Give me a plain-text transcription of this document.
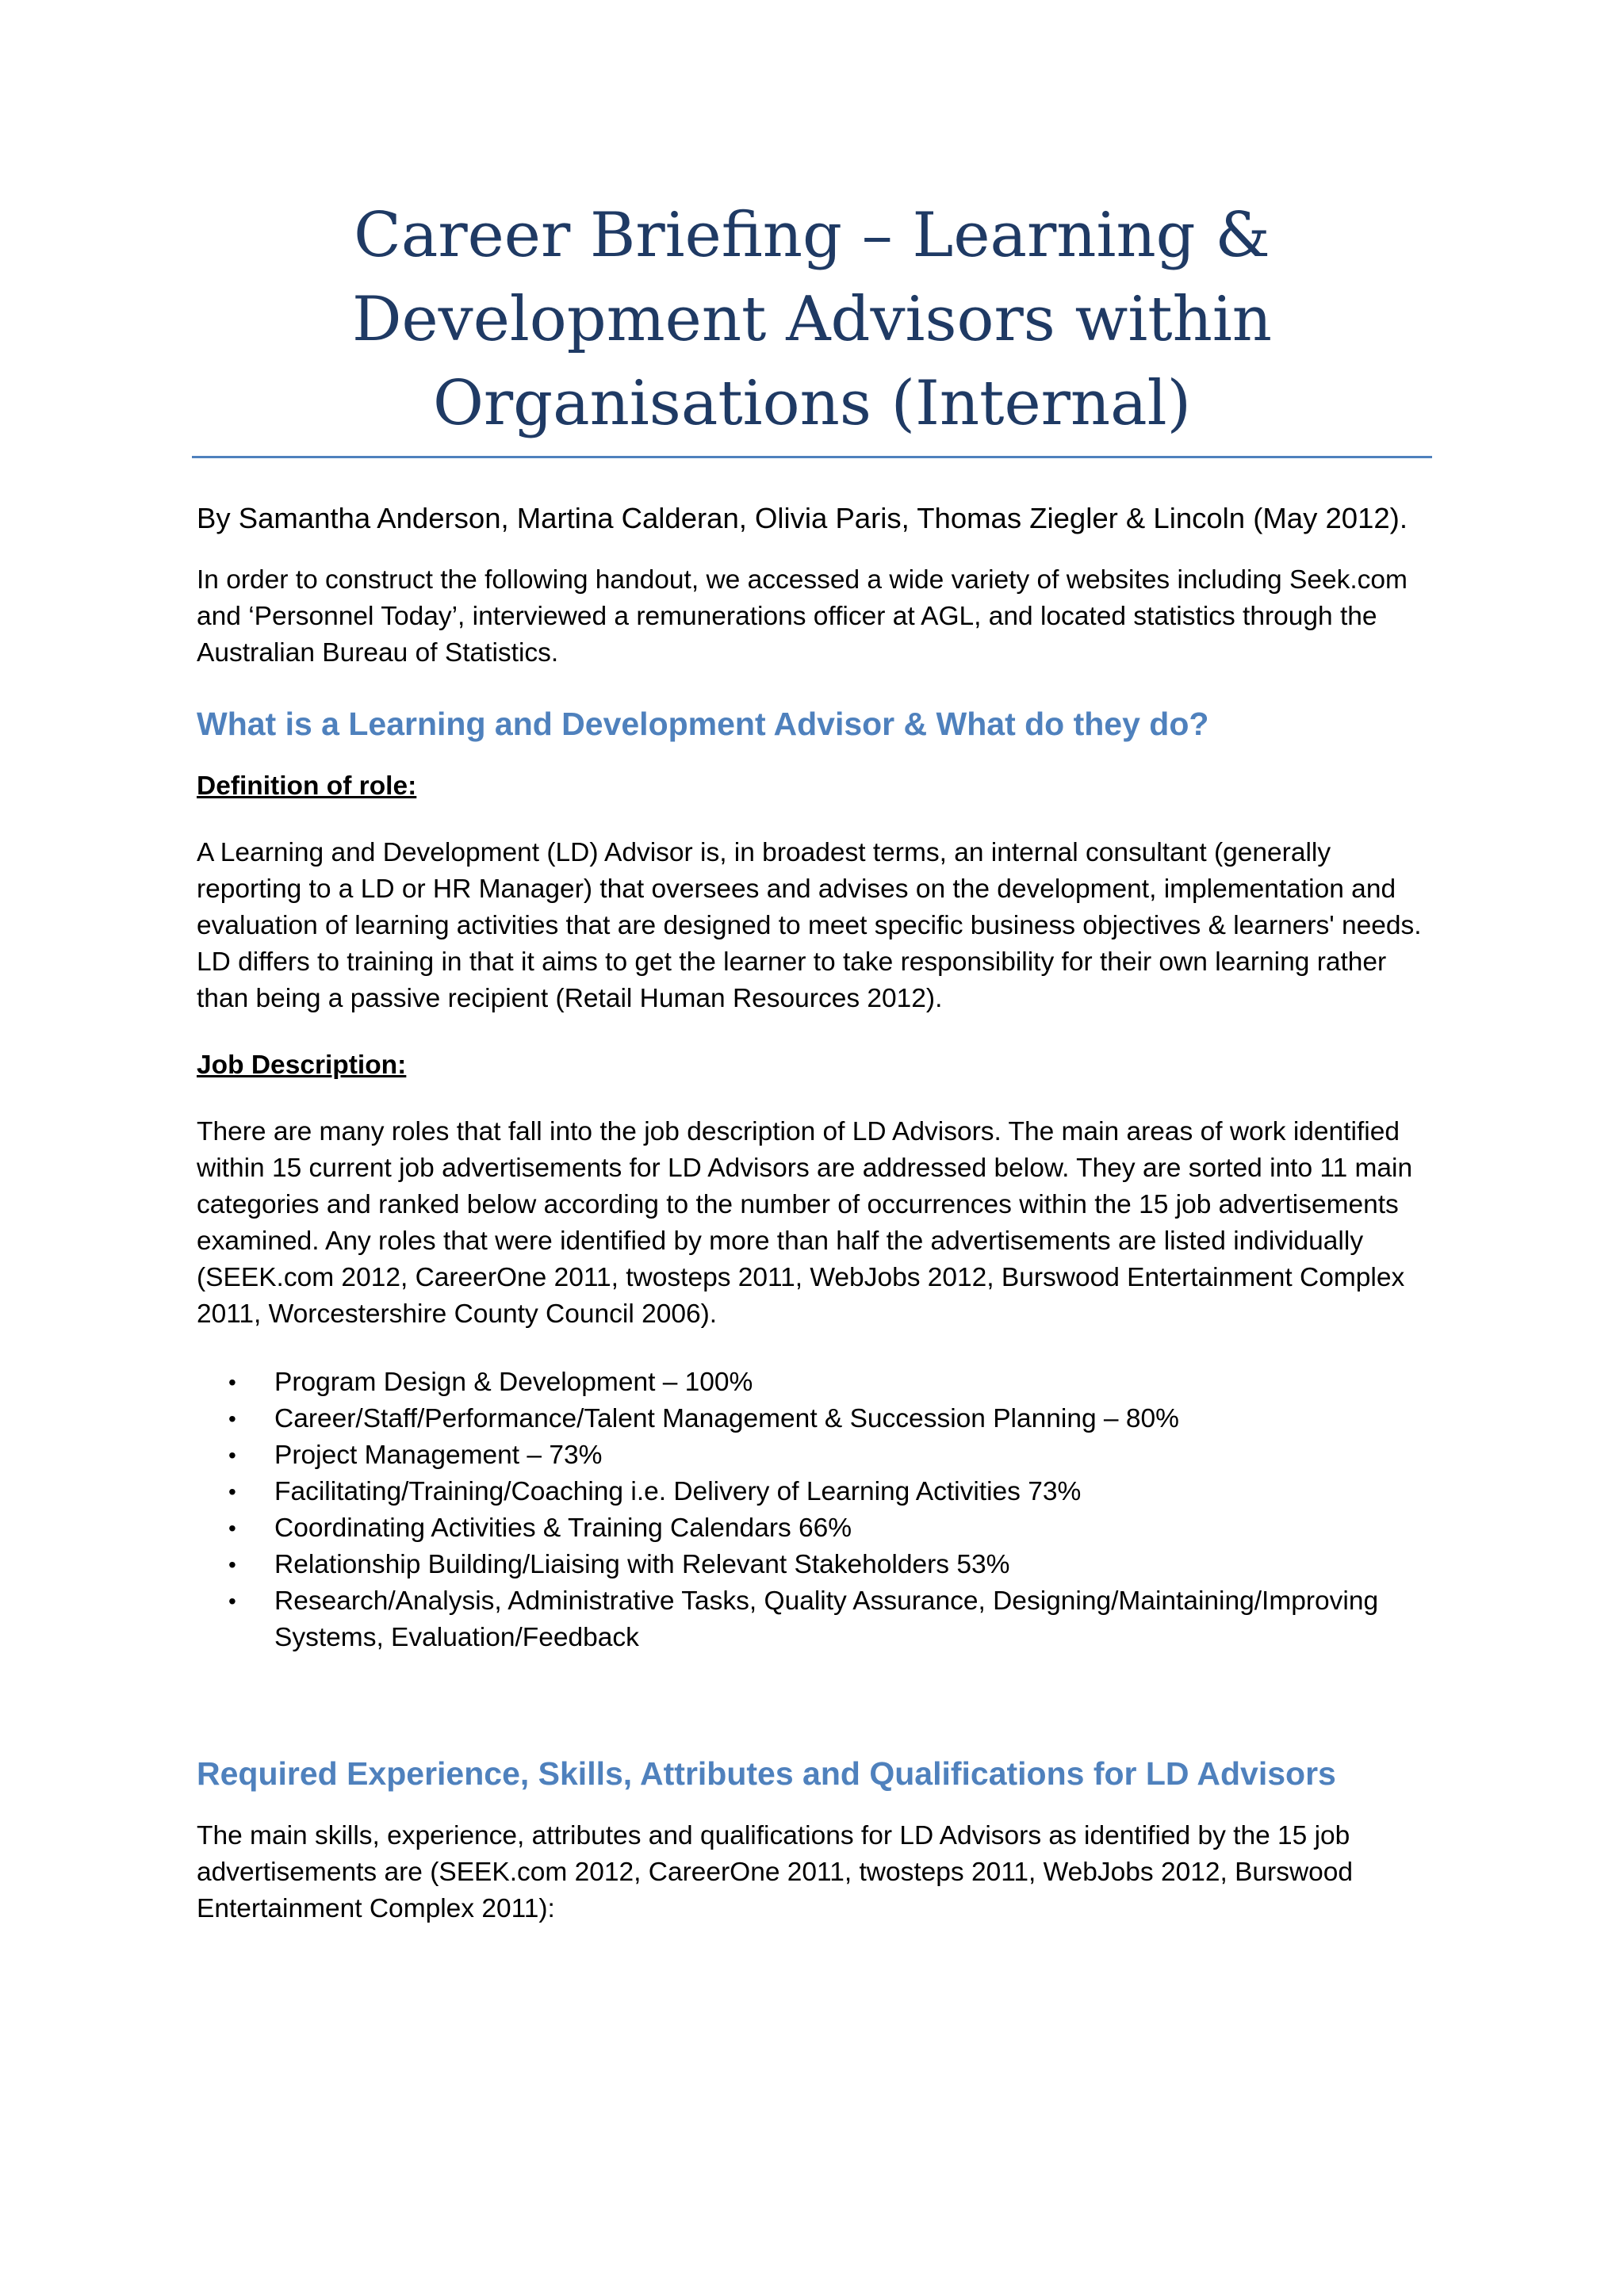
Career Briefing – Learning & Development Advisors within Organisations (Internal)

By Samantha Anderson, Martina Calderan, Olivia Paris, Thomas Ziegler & Lincoln (May 2012).

In order to construct the following handout, we accessed a wide variety of websites including Seek.com and ‘Personnel Today’, interviewed a remunerations officer at AGL, and located statistics through the Australian Bureau of Statistics.

What is a Learning and Development Advisor & What do they do?

Definition of role:

A Learning and Development (LD) Advisor is, in broadest terms, an internal consultant (generally reporting to a LD or HR Manager) that oversees and advises on the development, implementation and evaluation of learning activities that are designed to meet specific business objectives & learners' needs. LD differs to training in that it aims to get the learner to take responsibility for their own learning rather than being a passive recipient (Retail Human Resources 2012).

Job Description:

There are many roles that fall into the job description of LD Advisors. The main areas of work identified within 15 current job advertisements for LD Advisors are addressed below. They are sorted into 11 main categories and ranked below according to the number of occurrences within the 15 job advertisements examined. Any roles that were identified by more than half the advertisements are listed individually (SEEK.com 2012, CareerOne 2011, twosteps 2011, WebJobs 2012, Burswood Entertainment Complex 2011, Worcestershire County Council 2006).

• Program Design & Development – 100%
• Career/Staff/Performance/Talent Management & Succession Planning – 80%
• Project Management – 73%
• Facilitating/Training/Coaching i.e. Delivery of Learning Activities 73%
• Coordinating Activities & Training Calendars 66%
• Relationship Building/Liaising with Relevant Stakeholders 53%
• Research/Analysis, Administrative Tasks, Quality Assurance, Designing/Maintaining/Improving Systems, Evaluation/Feedback
Required Experience, Skills, Attributes and Qualifications for LD Advisors

The main skills, experience, attributes and qualifications for LD Advisors as identified by the 15 job advertisements are (SEEK.com 2012, CareerOne 2011, twosteps 2011, WebJobs 2012, Burswood Entertainment Complex 2011):
